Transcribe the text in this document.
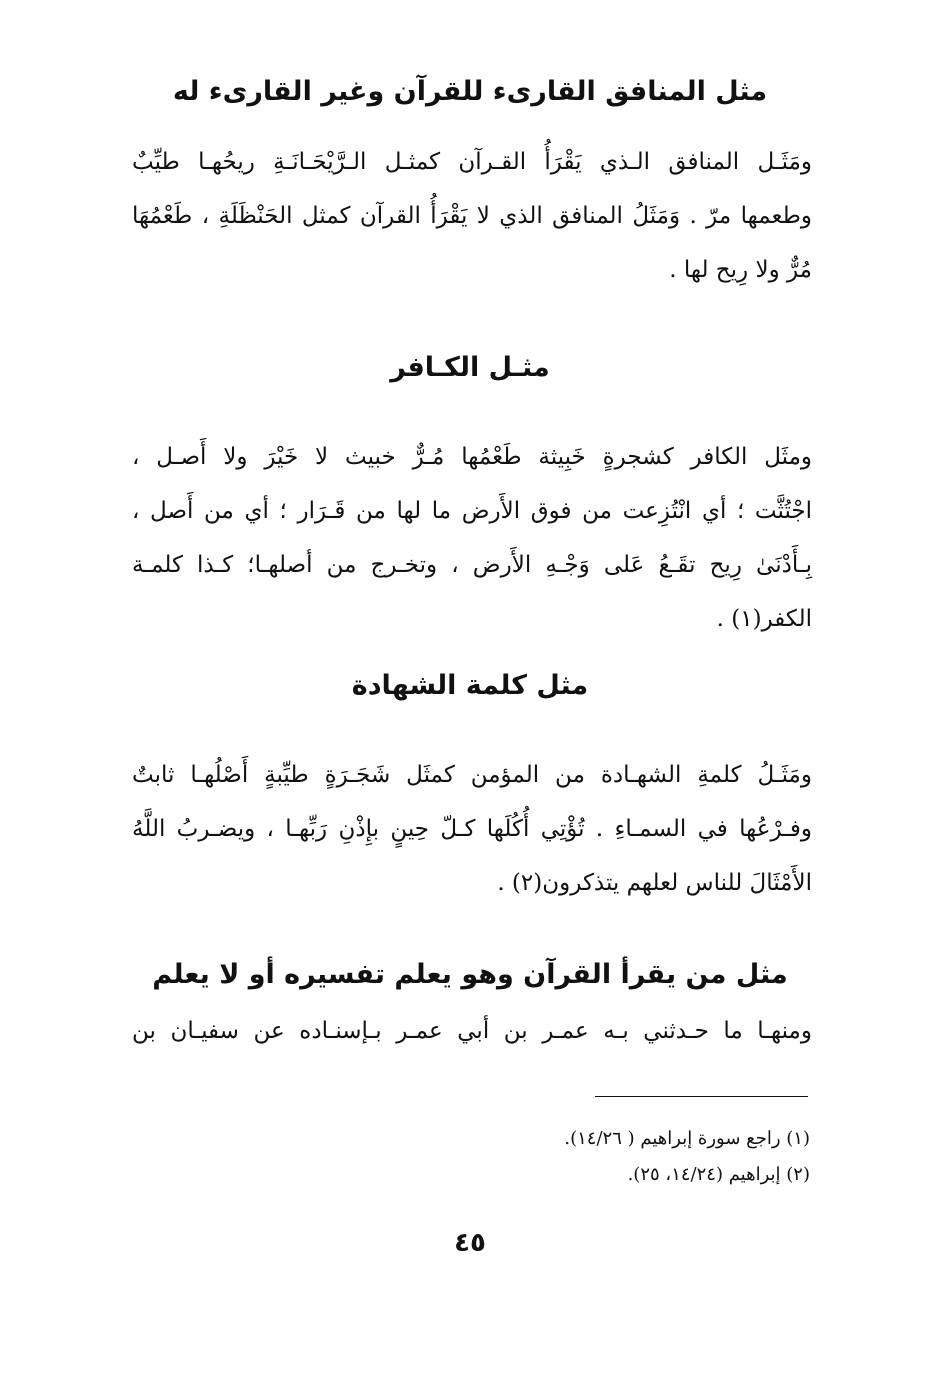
مثل المنافق القارىء للقرآن وغير القارىء له
ومَثَـل المنافق الـذي يَقْرَأُ القـرآن كمثـل الـرَّيْحَـانَـةِ ريحُهـا طيِّبٌ
وطعمها مرّ . وَمَثَلُ المنافق الذي لا يَقْرَأُ القرآن كمثل الحَنْظَلَةِ ، طَعْمُهَا
مُرٌّ ولا رِيح لها .
مثـل الكـافر
ومثَل الكافر كشجرةٍ خَبِيثة طَعْمُها مُـرٌّ خبيث لا خَيْرَ ولا أَصـل ،
اجْتُثَّت ؛ أي انْتُزِعت من فوق الأَرض ما لها من قَـرَار ؛ أي من أَصل ،
بِـأَدْنَىٰ رِيح تقَـعُ عَلى وَجْـهِ الأَرض ، وتخـرج من أصلهـا؛ كـذا كلمـة
الكفر(١) .
مثل كلمة الشهادة
ومَثَـلُ كلمةِ الشهـادة من المؤمن كمثَل شَجَـرَةٍ طيِّبةٍ أَصْلُهـا ثابتٌ
وفـرْعُها في السمـاءِ . تُؤْتِي أُكُلَها كـلّ حِينٍ بإِذْنِ رَبِّهـا ، ويضـربُ اللَّهُ
الأَمْثَالَ للناس لعلهم يتذكرون(٢) .
مثل من يقرأ القرآن وهو يعلم تفسيره أو لا يعلم
ومنهـا ما حـدثني بـه عمـر بن أبي عمـر بـإسنـاده عن سفيـان بن
(١) راجع سورة إبراهيم ( ١٤/٢٦).
(٢) إبراهيم (١٤/٢٤، ٢٥).
٤٥
